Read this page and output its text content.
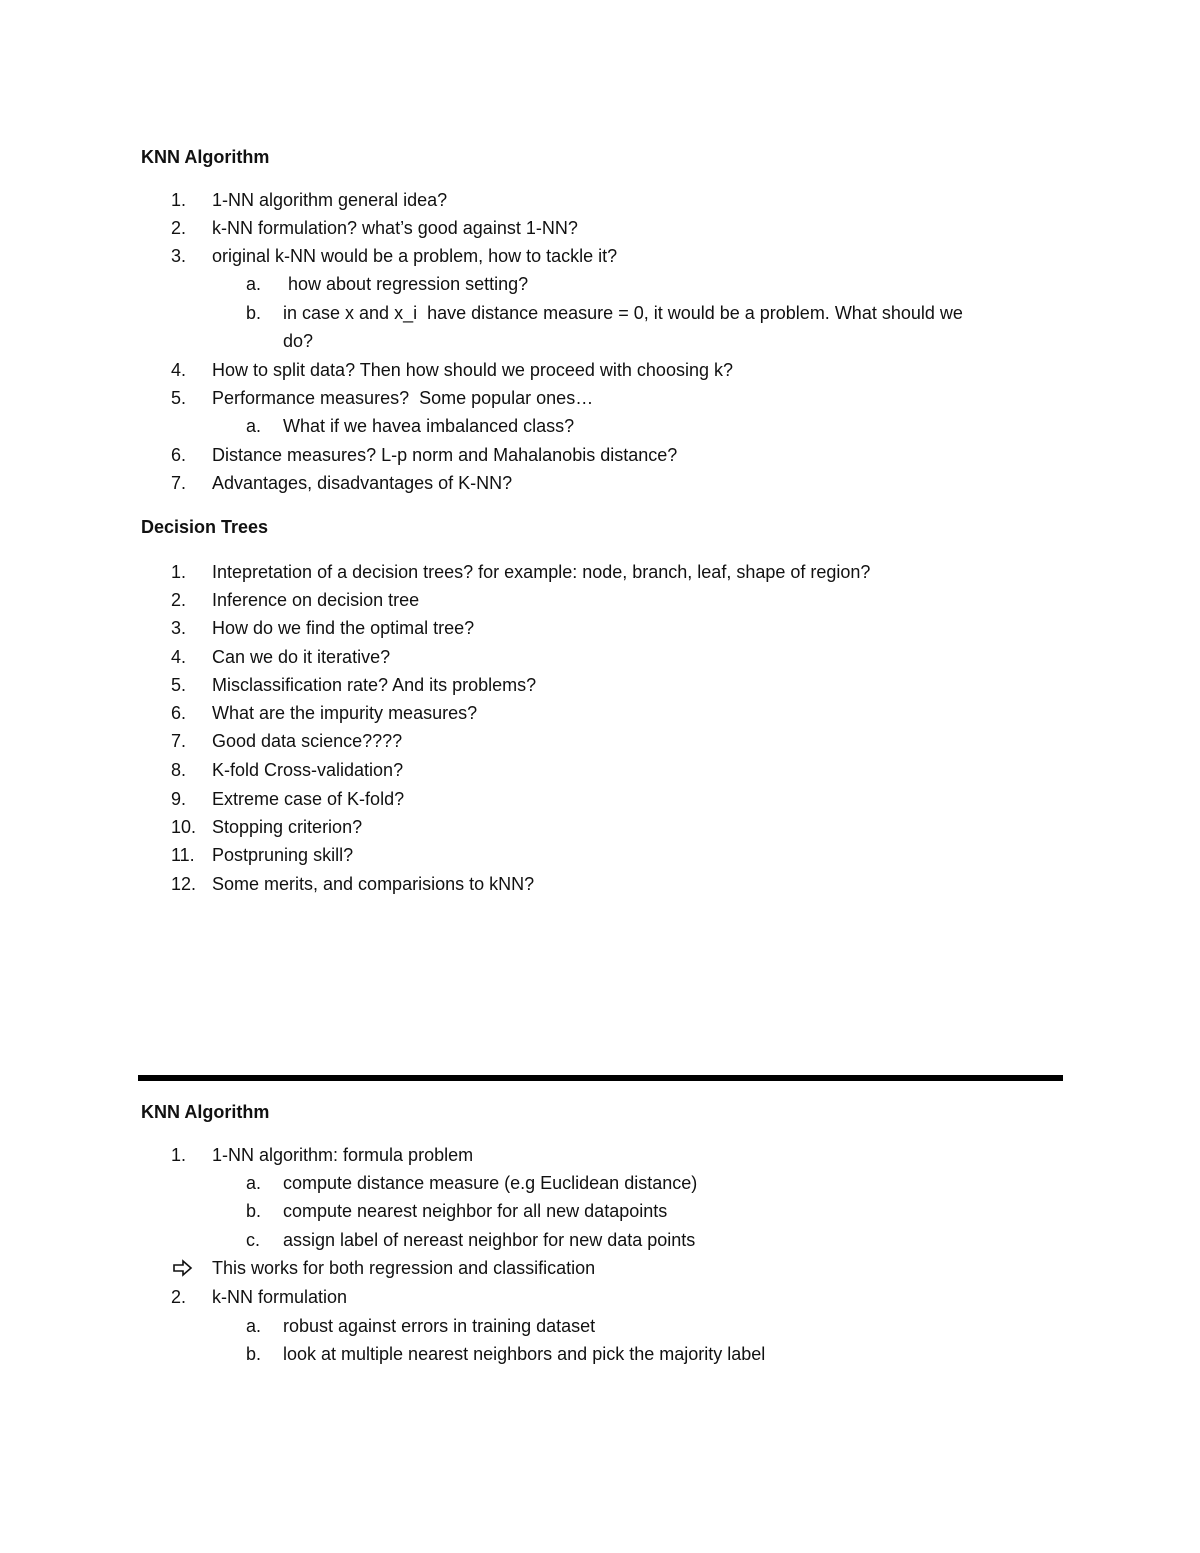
KNN Algorithm
1. 1-NN algorithm general idea?
2. k-NN formulation? what’s good against 1-NN?
3. original k-NN would be a problem, how to tackle it?
a. how about regression setting?
b. in case x and x_i  have distance measure = 0, it would be a problem. What should we
do?
4. How to split data? Then how should we proceed with choosing k?
5. Performance measures?  Some popular ones…
a. What if we havea imbalanced class?
6. Distance measures? L-p norm and Mahalanobis distance?
7. Advantages, disadvantages of K-NN?
Decision Trees
1. Intepretation of a decision trees? for example: node, branch, leaf, shape of region?
2. Inference on decision tree
3. How do we find the optimal tree?
4. Can we do it iterative?
5. Misclassification rate? And its problems?
6. What are the impurity measures?
7. Good data science????
8. K-fold Cross-validation?
9. Extreme case of K-fold?
10. Stopping criterion?
11. Postpruning skill?
12. Some merits, and comparisions to kNN?
KNN Algorithm
1. 1-NN algorithm: formula problem
a. compute distance measure (e.g Euclidean distance)
b. compute nearest neighbor for all new datapoints
c. assign label of nereast neighbor for new data points
This works for both regression and classification
2. k-NN formulation
a. robust against errors in training dataset
b. look at multiple nearest neighbors and pick the majority label
